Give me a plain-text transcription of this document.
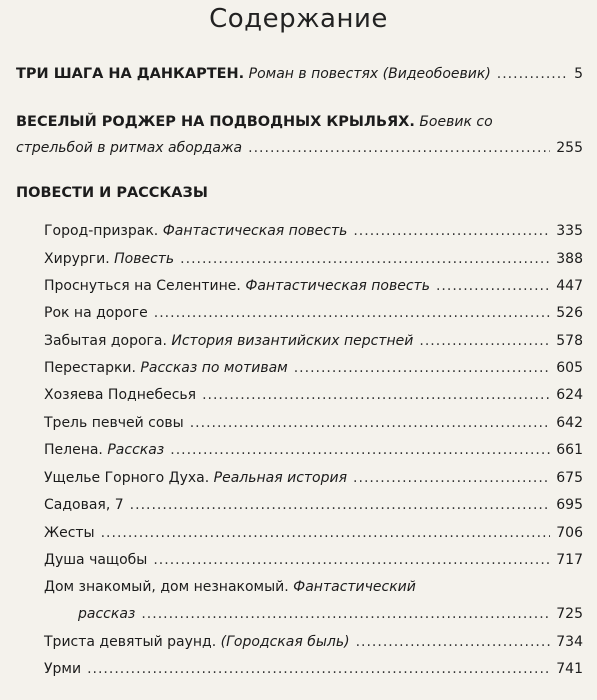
Содержание
ТРИ ШАГА НА ДАНКАРТЕН. Роман в повестях (Видеобоевик) .....	5
ВЕСЕЛЫЙ РОДЖЕР НА ПОДВОДНЫХ КРЫЛЬЯХ. Боевик со
стрельбой в ритмах абордажа .....	255
ПОВЕСТИ И РАССКАЗЫ
Город-призрак. Фантастическая повесть .....	335
Хирурги. Повесть .....	388
Проснуться на Селентине. Фантастическая повесть .....	447
Рок на дороге .....	526
Забытая дорога. История византийских перстней .....	578
Перестарки. Рассказ по мотивам .....	605
Хозяева Поднебесья .....	624
Трель певчей совы .....	642
Пелена. Рассказ .....	661
Ущелье Горного Духа. Реальная история .....	675
Садовая, 7 .....	695
Жесты .....	706
Душа чащобы .....	717
Дом знакомый, дом незнакомый. Фантастический
рассказ .....	725
Триста девятый раунд. (Городская быль) .....	734
Урми .....	741
